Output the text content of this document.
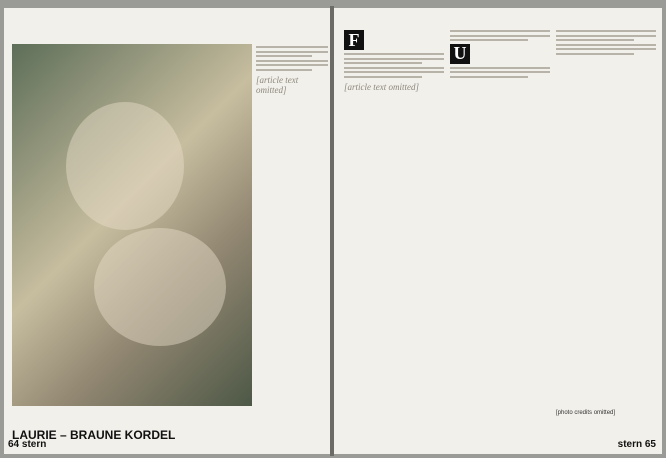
[article text omitted]
LAURIE – BRAUNE KORDEL
64 stern
F
[article text omitted]
U
[photo credits omitted]
stern 65
